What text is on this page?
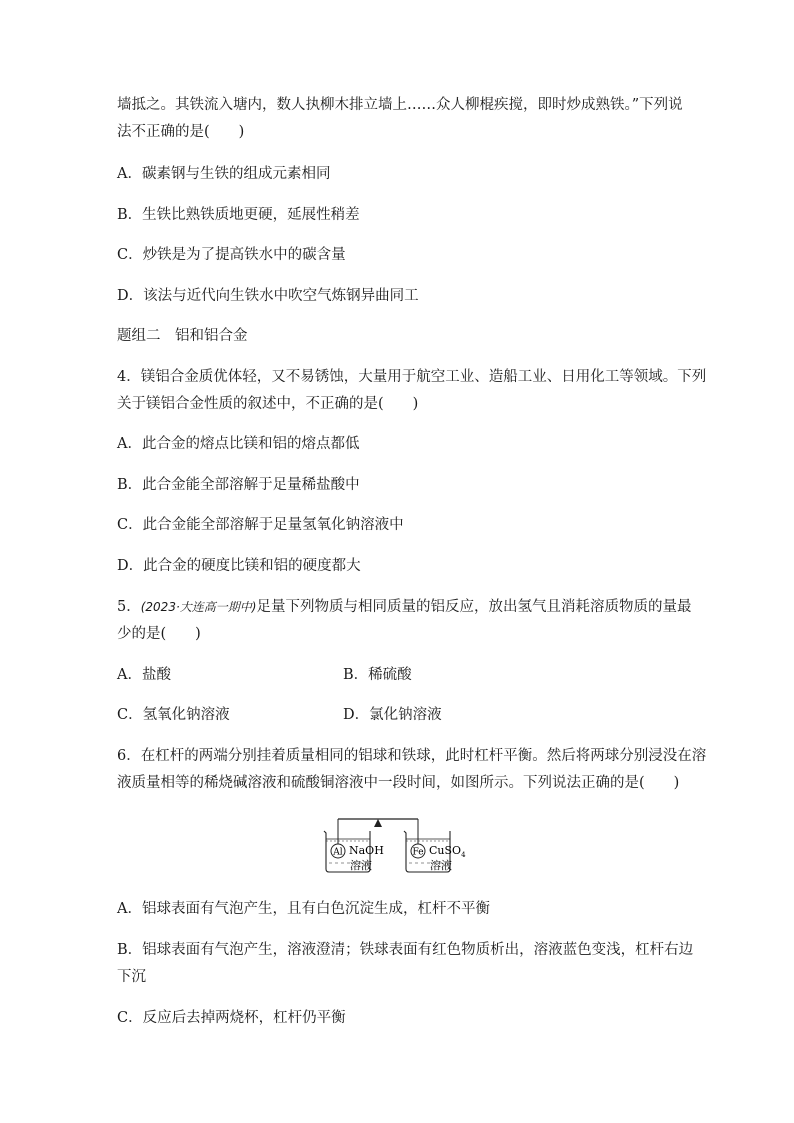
墙抵之。其铁流入塘内，数人执柳木排立墙上……众人柳棍疾搅，即时炒成熟铁。”下列说
法不正确的是(　　)
A．碳素钢与生铁的组成元素相同
B．生铁比熟铁质地更硬，延展性稍差
C．炒铁是为了提高铁水中的碳含量
D．该法与近代向生铁水中吹空气炼钢异曲同工
题组二　铝和铝合金
4．镁铝合金质优体轻，又不易锈蚀，大量用于航空工业、造船工业、日用化工等领域。下列
关于镁铝合金性质的叙述中，不正确的是(　　)
A．此合金的熔点比镁和铝的熔点都低
B．此合金能全部溶解于足量稀盐酸中
C．此合金能全部溶解于足量氢氧化钠溶液中
D．此合金的硬度比镁和铝的硬度都大
5．(2023·大连高一期中)足量下列物质与相同质量的铝反应，放出氢气且消耗溶质物质的量最
少的是(　　)
A．盐酸	B．稀硫酸
C．氢氧化钠溶液	D．氯化钠溶液
6．在杠杆的两端分别挂着质量相同的铝球和铁球，此时杠杆平衡。然后将两球分别浸没在溶
液质量相等的稀烧碱溶液和硫酸铜溶液中一段时间，如图所示。下列说法正确的是(　　)
Al NaOH
溶液
Fe CuSO$_4$
溶液
A．铝球表面有气泡产生，且有白色沉淀生成，杠杆不平衡
B．铝球表面有气泡产生，溶液澄清；铁球表面有红色物质析出，溶液蓝色变浅，杠杆右边
下沉
C．反应后去掉两烧杯，杠杆仍平衡
